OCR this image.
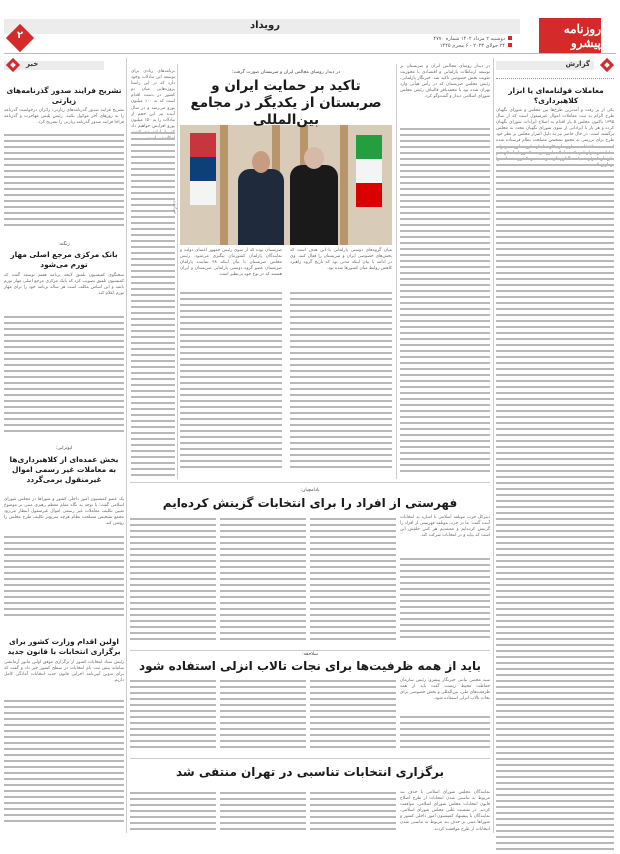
رویداد	روزنامه پیشرو
دوشنبه ۲ مرداد ۱۴۰۲ شماره ۴۷۷۰
۲۴ جولای ۲۰۲۳ - ۶ محرم ۱۴۴۵
۲
گزارش
معاملات قولنامه‌ای یا ابزار کلاهبرداری؟
یکی از پر رفت و آمدترین طرح‌ها بین مجلس و شورای نگهبان طرح الزام به ثبت معاملات اموال غیرمنقول است که از سال ۱۳۹۵ تاکنون مجلس ۵ بار اقدام به اصلاح ایرادات شورای نگهبان کرده و هر بار با ایراداتی از سوی شورای نگهبان مجدد به مجلس برگشته است. در حال حاضر نیز به دلیل اصرار مجلس بر نظر خود طرح برای بررسی به مجمع تشخیص مصلحت نظام فرستاده شده
خبر
تشریح فرایند صدور گذرنامه‌های زیارتی
تشریح فرایند صدور گذرنامه‌های زیارتی: زائران درخواست گذرنامه را به روزهای آخر موکول نکنند. رئیس پلیس مهاجرت و گذرنامه فراجا فرایند صدور گذرنامه زیارتی را تشریح کرد.
زنگنه:
بانک مرکزی مرجع اصلی مهار تورم می‌شود
سخنگوی کمیسیون تلفیق لایحه برنامه هفتم توسعه گفت که کمیسیون تلفیق تصویب کرد که بانک مرکزی مرجع اصلی مهار تورم باشد و این اساس مکلف است هر ساله برنامه خود را برای مهار تورم اعلام کند.
ابوترابی:
بخش عمده‌ای از کلاهبرداری‌ها به معاملات غیر رسمی اموال غیرمنقول برمی‌گردد
یک عضو کمیسیون امور داخلی کشور و شوراها در مجلس شورای اسلامی گفت: با توجه به نگاه مقام معظم رهبری مبنی بر موضوع تعیین تکلیف معاملات غیر رسمی اموال غیرمنقول انتظار می‌رود مجمع تشخیص مصلحت نظام هرچه سریع‌تر تکلیف طرح مجلس را روشن کند.
اولین اقدام وزارت کشور برای برگزاری انتخابات با قانون جدید
رئیس ستاد انتخابات کشور از برگزاری موفق اولین مانور آزمایشی سامانه پیش ثبت نام انتخابات در سطح کشور خبر داد و گفت که برای تدوین آیین‌نامه اجرایی قانون جدید انتخابات آمادگی کامل داریم.
در دیدار روسای مجالس ایران و صربستان صورت گرفت:
تاکید بر حمایت ایران و صربستان از یکدیگر در مجامع بین‌المللی
برنامه‌های زیادی برای توسعه این تبادلات وجود دارد که در این راستا پروژه‌هایی میان دو کشور در دست اقدام است که به ۱۰۰ میلیون یورو می‌رسد و در سال آینده نیز این حجم از تبادلات را به ۱۵۰ میلیون یورو افزایش خواهیم داد
خبرگزاری
صربستان بوده که از سوی رئیس جمهور اعضای دولت و نمایندگان پارلمان کشورمان پیگیری می‌شود. رئیس مجلس صربستان با بیان اینکه ۲۸ نماینده پارلمان صربستان عضو گروه دوستی پارلمانی صربستان و ایران هستند که در نوع خود بی‌نظیر است.
میان گروه‌های دوستی پارلمانی با این هدف است که بخش‌های خصوصی ایران و صربستان را فعال کنند. وی در ادامه با بیان اینکه مدتی بود که تاریخ گروه راهبرد کاهش روابط میان کشورها شده بود.
در دیدار روسای مجالس ایران و صربستان بر توسعه ارتباطات پارلمانی و اقتصادی با محوریت تقویت بخش خصوصی تاکید شد. خبرنگار پارلمانی، رئیس مجلس صربستان که در رأس هیأتی وارد تهران شده بود با محمدباقر قالیباف رئیس مجلس شورای اسلامی دیدار و گفت‌وگو کرد.
بادامچیان:
فهرستی از افراد را برای انتخابات گزینش کرده‌ایم
دبیرکل حزب موتلفه اسلامی با اشاره به انتخابات آینده گفت: ما در حزب موتلفه فهرستی از افراد را گزینش کرده‌ایم و معتقدیم هر کس خلقش این است که بیاید و در انتخابات شرکت کند.
سلاجقه:
باید از همه ظرفیت‌ها برای نجات تالاب انزلی استفاده شود
سید مجتبی نیابتی خبرنگار پیشرو: رئیس سازمان حفاظت محیط زیست گفت باید از همه ظرفیت‌های ملی، بین‌المللی و بخش خصوصی برای نجات تالاب انزلی استفاده شود.
برگزاری انتخابات تناسبی در تهران منتفی شد
نمایندگان مجلس شورای اسلامی با حذف بند مربوط به تناسبی شدن انتخابات از طرح اصلاح قانون انتخابات مجلس شورای اسلامی، موافقت کردند. در نشست علنی مجلس شورای اسلامی، نمایندگان با پیشنهاد کمیسیون امور داخلی کشور و شوراها مبنی بر حذف بند مربوط به تناسبی شدن انتخابات از طرح موافقت کردند.
